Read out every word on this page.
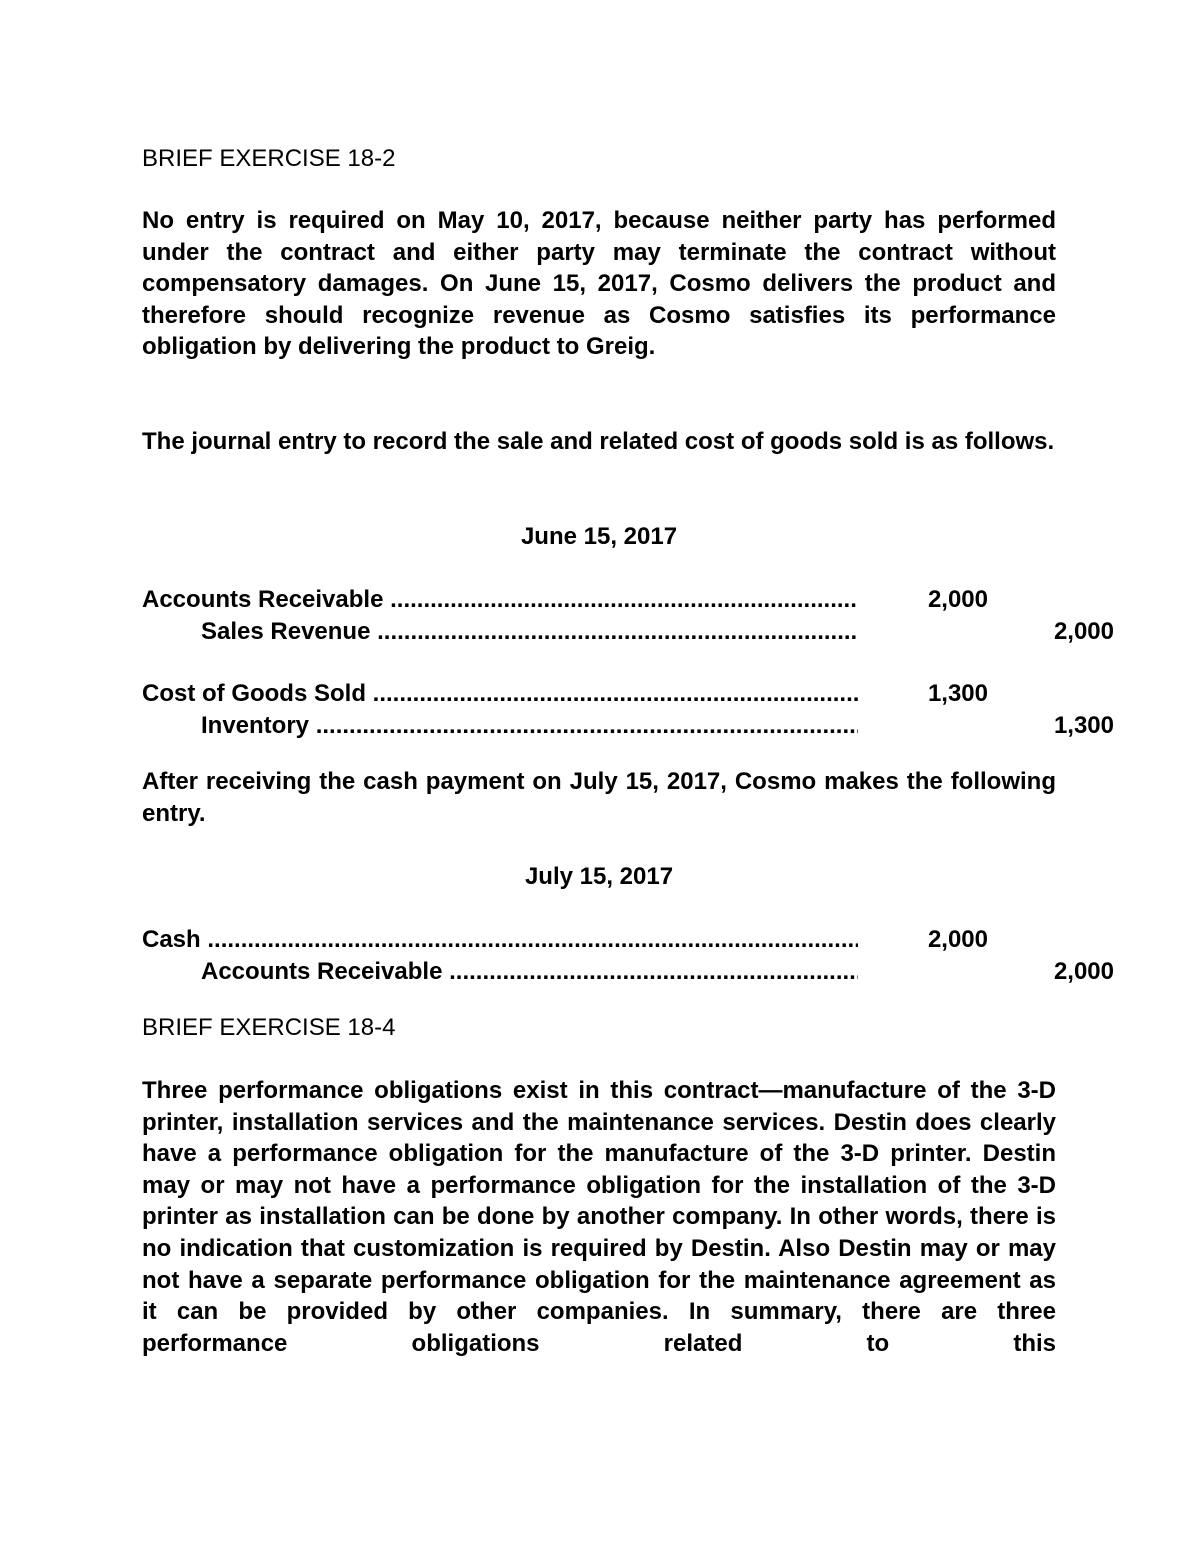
BRIEF EXERCISE 18-2
No entry is required on May 10, 2017, because neither party has performed under the contract and either party may terminate the contract without compensatory damages. On June 15, 2017, Cosmo delivers the product and therefore should recognize revenue as Cosmo satisfies its performance obligation by delivering the product to Greig.
The journal entry to record the sale and related cost of goods sold is as follows.
June 15, 2017
Accounts Receivable .....	2,000
Sales Revenue .....	2,000
Cost of Goods Sold .....	1,300
Inventory .....	1,300
After receiving the cash payment on July 15, 2017, Cosmo makes the following entry.
July 15, 2017
Cash .....	2,000
Accounts Receivable .....	2,000
BRIEF EXERCISE 18-4
Three performance obligations exist in this contract—manufacture of the 3-D printer, installation services and the maintenance services. Destin does clearly have a performance obligation for the manufacture of the 3-D printer. Destin may or may not have a performance obligation for the installation of the 3-D printer as installation can be done by another company. In other words, there is no indication that customization is required by Destin. Also Destin may or may not have a separate performance obligation for the maintenance agreement as it can be provided by other companies. In summary, there are three performance obligations related to this
